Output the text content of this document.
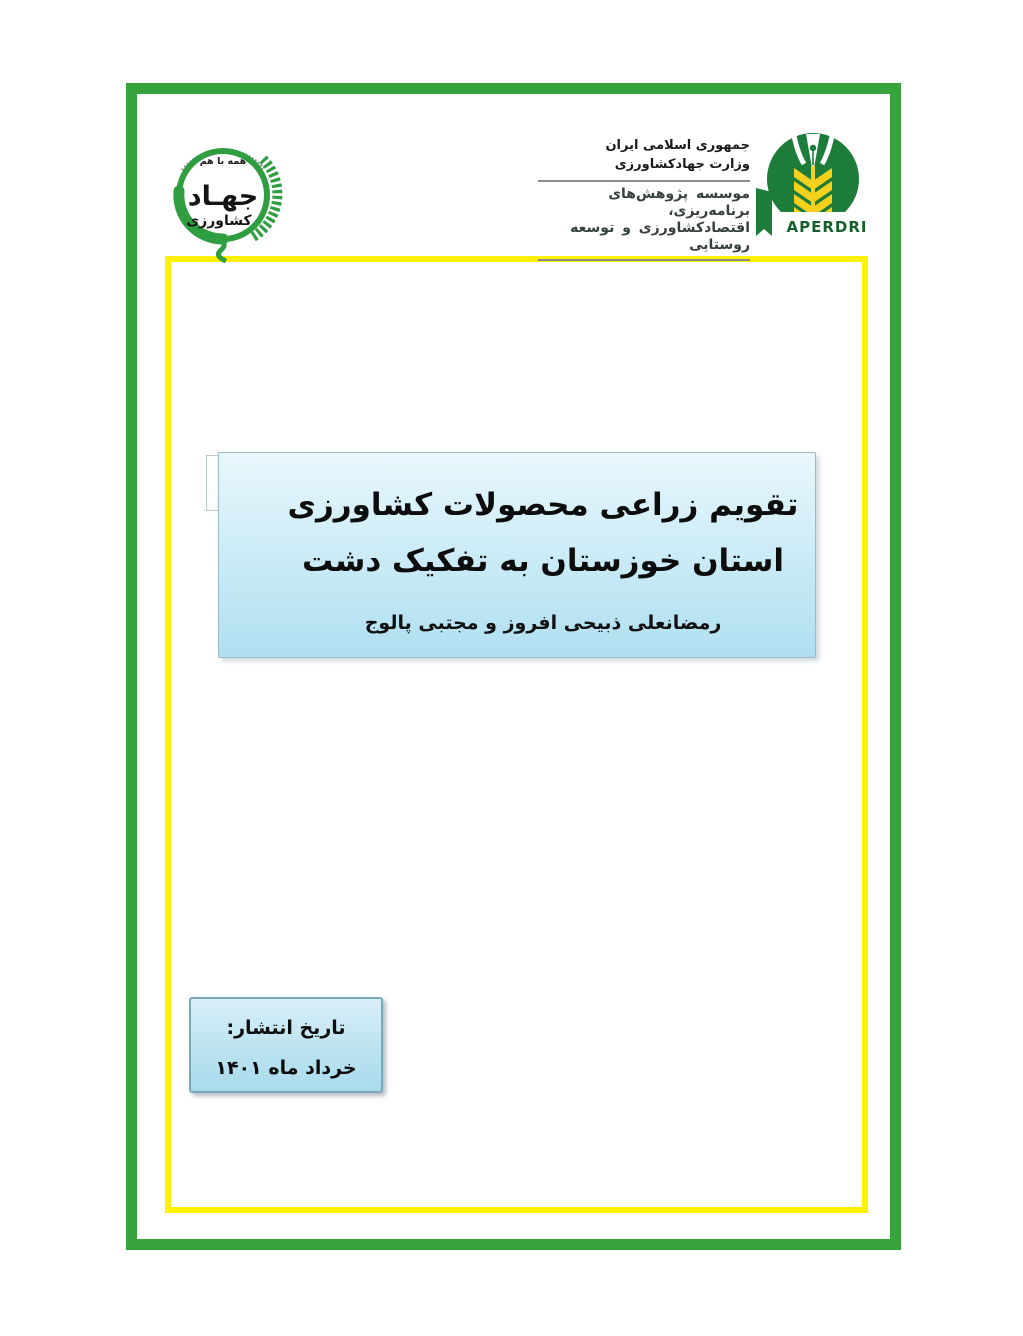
همه با هم
جهـاد
کشاورزی
جمهوری اسلامی ایران
وزارت جهادکشاورزی
موسسه پژوهش‌های برنامه‌ریزی،
اقتصادکشاورزی و توسعه روستایی
APERDRI
تقویم زراعی محصولات کشاورزی
استان خوزستان به تفکیک دشت
رمضانعلی ذبیحی افروز و مجتبی پالوج
تاریخ انتشار:
خرداد ماه ۱۴۰۱
